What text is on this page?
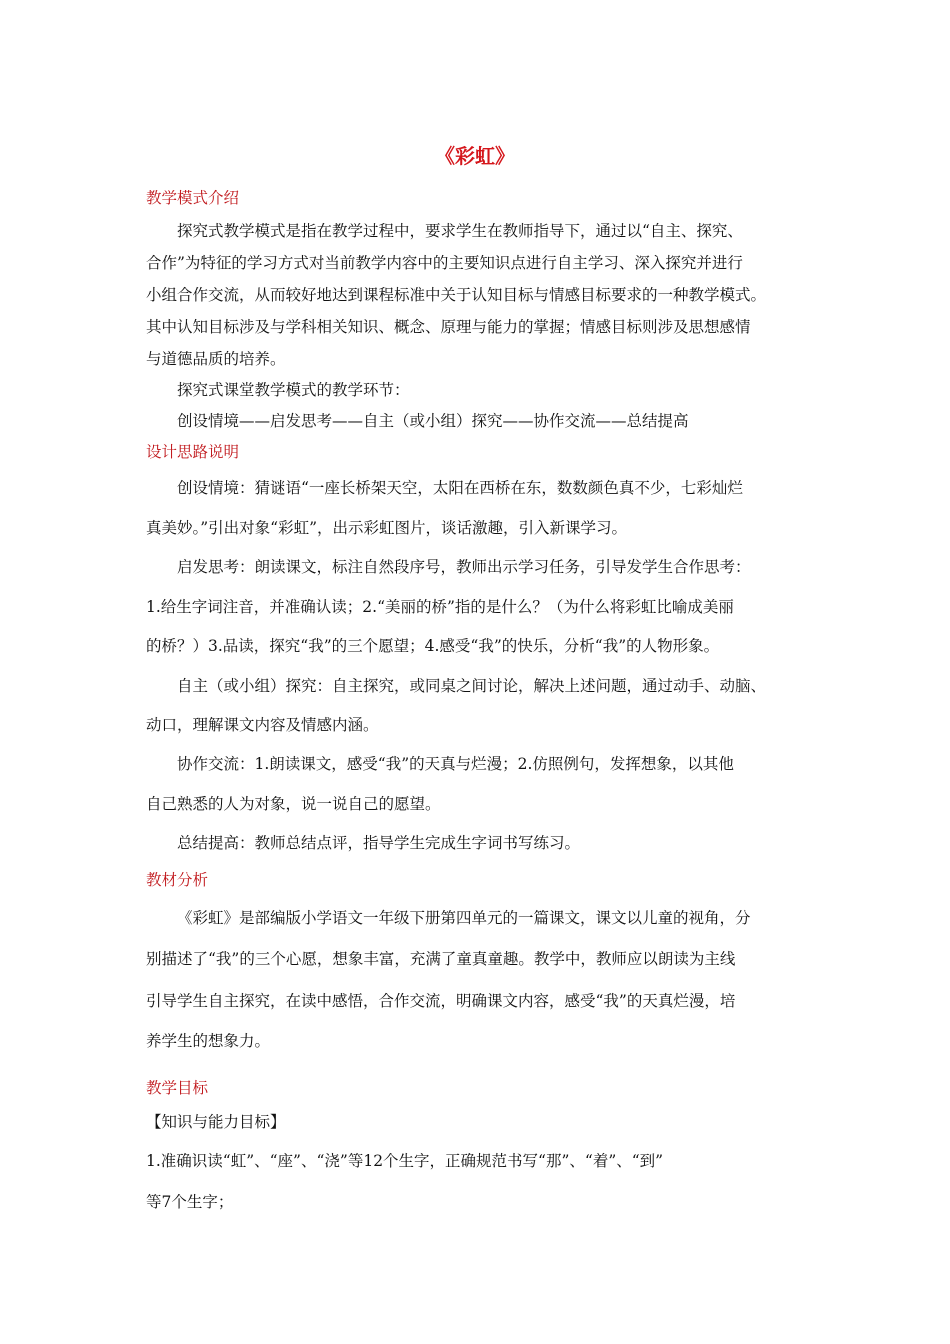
《彩虹》
教学模式介绍
探究式教学模式是指在教学过程中，要求学生在教师指导下，通过以“自主、探究、
合作”为特征的学习方式对当前教学内容中的主要知识点进行自主学习、深入探究并进行
小组合作交流，从而较好地达到课程标准中关于认知目标与情感目标要求的一种教学模式。
其中认知目标涉及与学科相关知识、概念、原理与能力的掌握；情感目标则涉及思想感情
与道德品质的培养。
探究式课堂教学模式的教学环节：
创设情境——启发思考——自主（或小组）探究——协作交流——总结提高
设计思路说明
创设情境：猜谜语“一座长桥架天空，太阳在西桥在东，数数颜色真不少，七彩灿烂
真美妙。”引出对象“彩虹”，出示彩虹图片，谈话激趣，引入新课学习。
启发思考：朗读课文，标注自然段序号，教师出示学习任务，引导发学生合作思考：
1.给生字词注音，并准确认读；2.“美丽的桥”指的是什么？（为什么将彩虹比喻成美丽
的桥？）3.品读，探究“我”的三个愿望；4.感受“我”的快乐，分析“我”的人物形象。
自主（或小组）探究：自主探究，或同桌之间讨论，解决上述问题，通过动手、动脑、
动口，理解课文内容及情感内涵。
协作交流：1.朗读课文，感受“我”的天真与烂漫；2.仿照例句，发挥想象，以其他
自己熟悉的人为对象，说一说自己的愿望。
总结提高：教师总结点评，指导学生完成生字词书写练习。
教材分析
《彩虹》是部编版小学语文一年级下册第四单元的一篇课文，课文以儿童的视角，分
别描述了“我”的三个心愿，想象丰富，充满了童真童趣。教学中，教师应以朗读为主线
引导学生自主探究，在读中感悟，合作交流，明确课文内容，感受“我”的天真烂漫，培
养学生的想象力。
教学目标
【知识与能力目标】
1.准确识读“虹”、“座”、“浇”等12个生字，正确规范书写“那”、“着”、“到”
等7个生字；
